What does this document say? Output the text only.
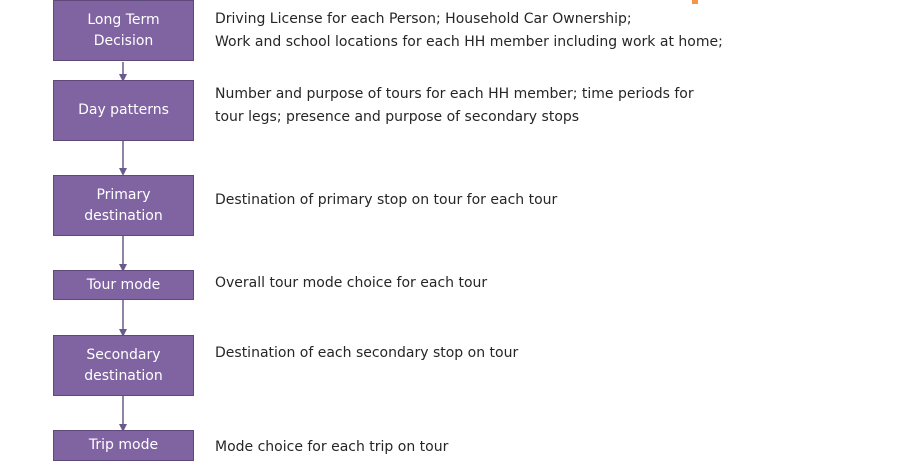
Long Term
Decision
Day patterns
Primary
destination
Tour mode
Secondary
destination
Trip mode
Driving License for each Person; Household Car Ownership;
Work and school locations for each HH member including work at home;
Number and purpose of tours for each HH member; time periods for
tour legs; presence and purpose of secondary stops
Destination of primary stop on tour for each tour
Overall tour mode choice for each tour
Destination of each secondary stop on tour
Mode choice for each trip on tour
